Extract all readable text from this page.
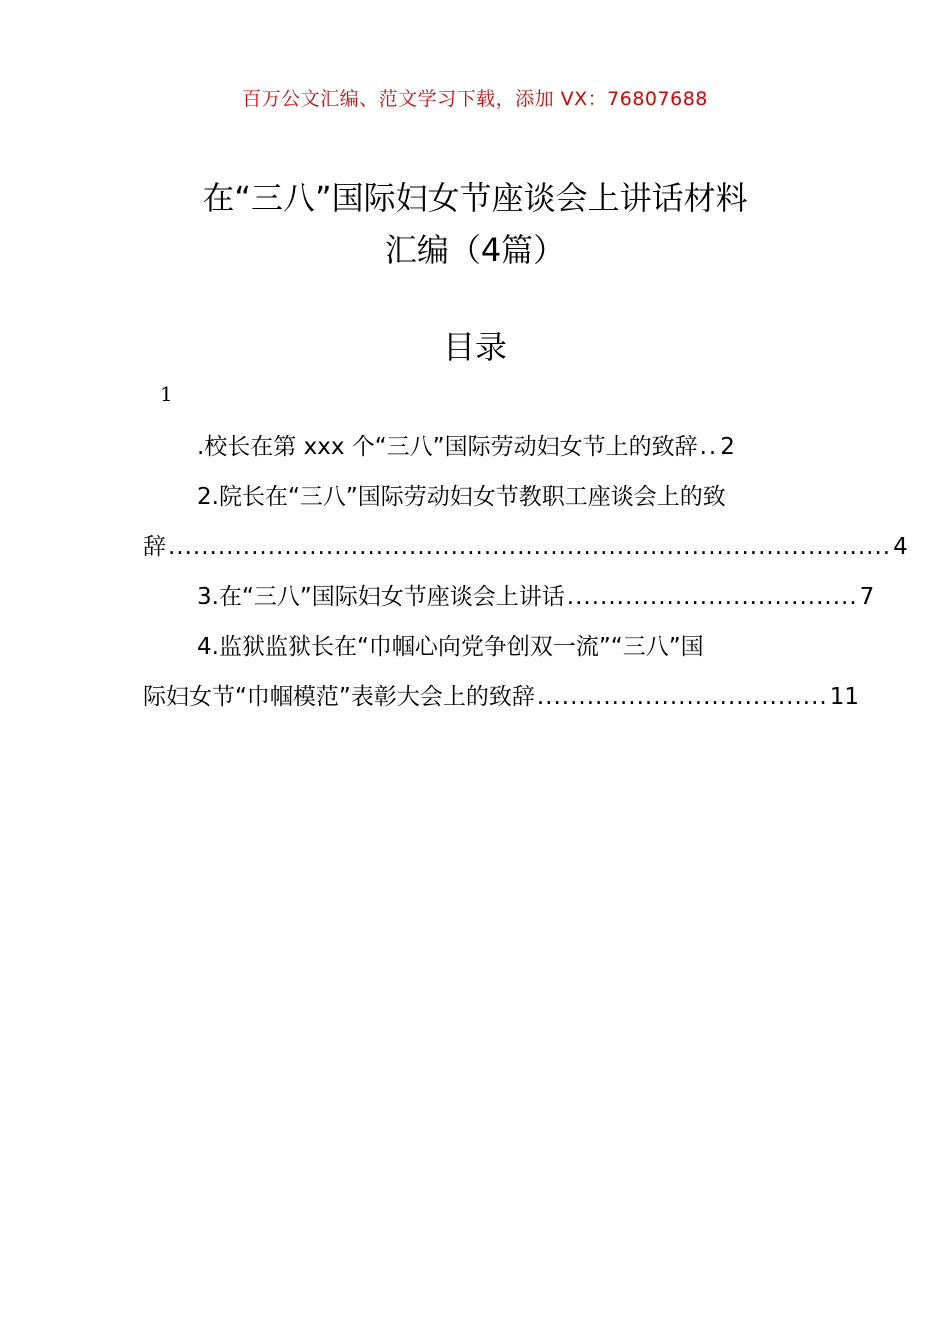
百万公文汇编、范文学习下载，添加 VX：76807688
在“三八”国际妇女节座谈会上讲话材料
汇编（4篇）
目录
1
.校长在第 xxx 个“三八”国际劳动妇女节上的致辞 .. 2
2.院长在“三八”国际劳动妇女节教职工座谈会上的致
辞 ....................................................................................... 4
3.在“三八”国际妇女节座谈会上讲话 ................................... 7
4.监狱监狱长在“巾帼心向党争创双一流”“三八”国
际妇女节“巾帼模范”表彰大会上的致辞 ................................... 11
